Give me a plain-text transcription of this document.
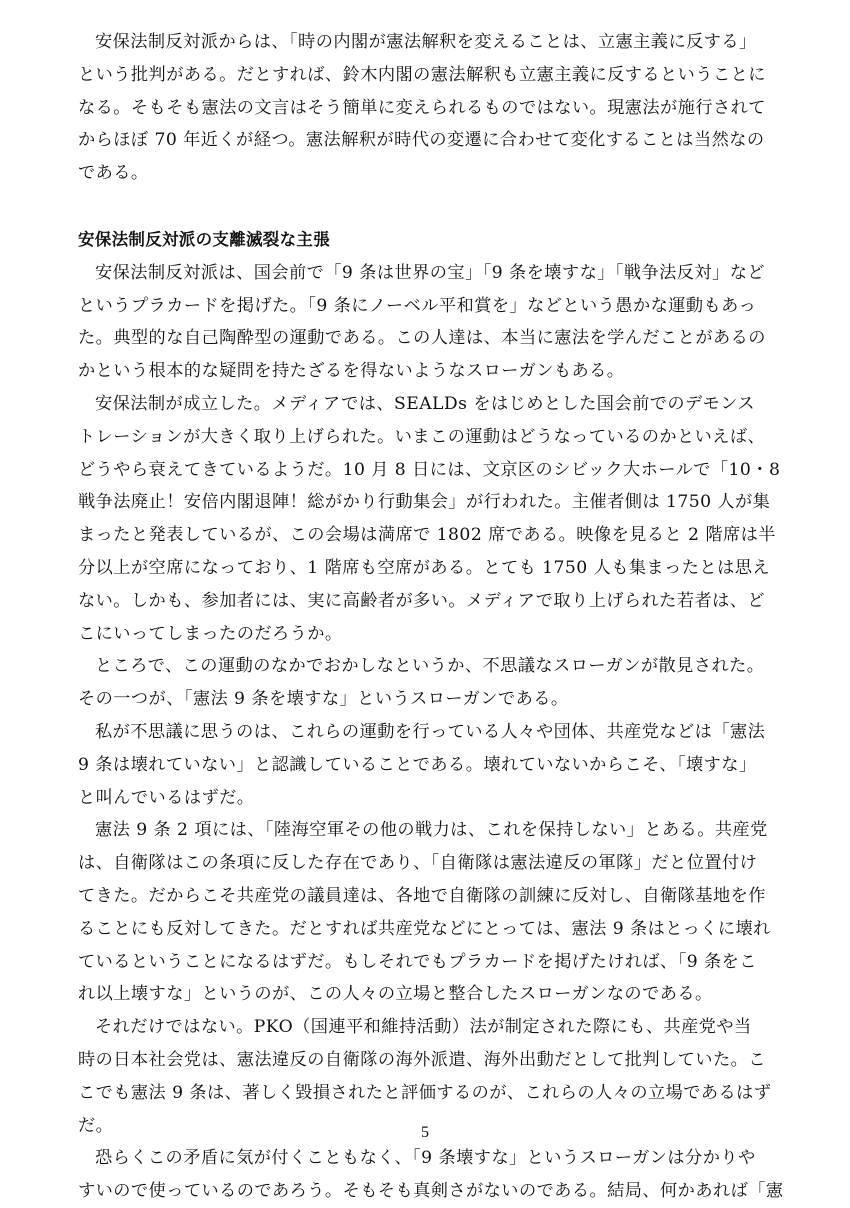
安保法制反対派からは、「時の内閣が憲法解釈を変えることは、立憲主義に反する」
という批判がある。だとすれば、鈴木内閣の憲法解釈も立憲主義に反するということに
なる。そもそも憲法の文言はそう簡単に変えられるものではない。現憲法が施行されて
からほぼ 70 年近くが経つ。憲法解釈が時代の変遷に合わせて変化することは当然なの
である。
安保法制反対派の支離滅裂な主張
安保法制反対派は、国会前で「9 条は世界の宝」「9 条を壊すな」「戦争法反対」など
というプラカードを掲げた。「9 条にノーベル平和賞を」などという愚かな運動もあっ
た。典型的な自己陶酔型の運動である。この人達は、本当に憲法を学んだことがあるの
かという根本的な疑問を持たざるを得ないようなスローガンもある。
安保法制が成立した。メディアでは、SEALDs をはじめとした国会前でのデモンス
トレーションが大きく取り上げられた。いまこの運動はどうなっているのかといえば、
どうやら衰えてきているようだ。10 月 8 日には、文京区のシビック大ホールで「10・8
戦争法廃止！安倍内閣退陣！総がかり行動集会」が行われた。主催者側は 1750 人が集
まったと発表しているが、この会場は満席で 1802 席である。映像を見ると 2 階席は半
分以上が空席になっており、1 階席も空席がある。とても 1750 人も集まったとは思え
ない。しかも、参加者には、実に高齢者が多い。メディアで取り上げられた若者は、ど
こにいってしまったのだろうか。
ところで、この運動のなかでおかしなというか、不思議なスローガンが散見された。
その一つが、「憲法 9 条を壊すな」というスローガンである。
私が不思議に思うのは、これらの運動を行っている人々や団体、共産党などは「憲法
9 条は壊れていない」と認識していることである。壊れていないからこそ、「壊すな」
と叫んでいるはずだ。
憲法 9 条 2 項には、「陸海空軍その他の戦力は、これを保持しない」とある。共産党
は、自衛隊はこの条項に反した存在であり、「自衛隊は憲法違反の軍隊」だと位置付け
てきた。だからこそ共産党の議員達は、各地で自衛隊の訓練に反対し、自衛隊基地を作
ることにも反対してきた。だとすれば共産党などにとっては、憲法 9 条はとっくに壊れ
ているということになるはずだ。もしそれでもプラカードを掲げたければ、「9 条をこ
れ以上壊すな」というのが、この人々の立場と整合したスローガンなのである。
それだけではない。PKO（国連平和維持活動）法が制定された際にも、共産党や当
時の日本社会党は、憲法違反の自衛隊の海外派遣、海外出動だとして批判していた。こ
こでも憲法 9 条は、著しく毀損されたと評価するのが、これらの人々の立場であるはず
だ。
恐らくこの矛盾に気が付くこともなく、「9 条壊すな」というスローガンは分かりや
すいので使っているのであろう。そもそも真剣さがないのである。結局、何かあれば「憲
5
